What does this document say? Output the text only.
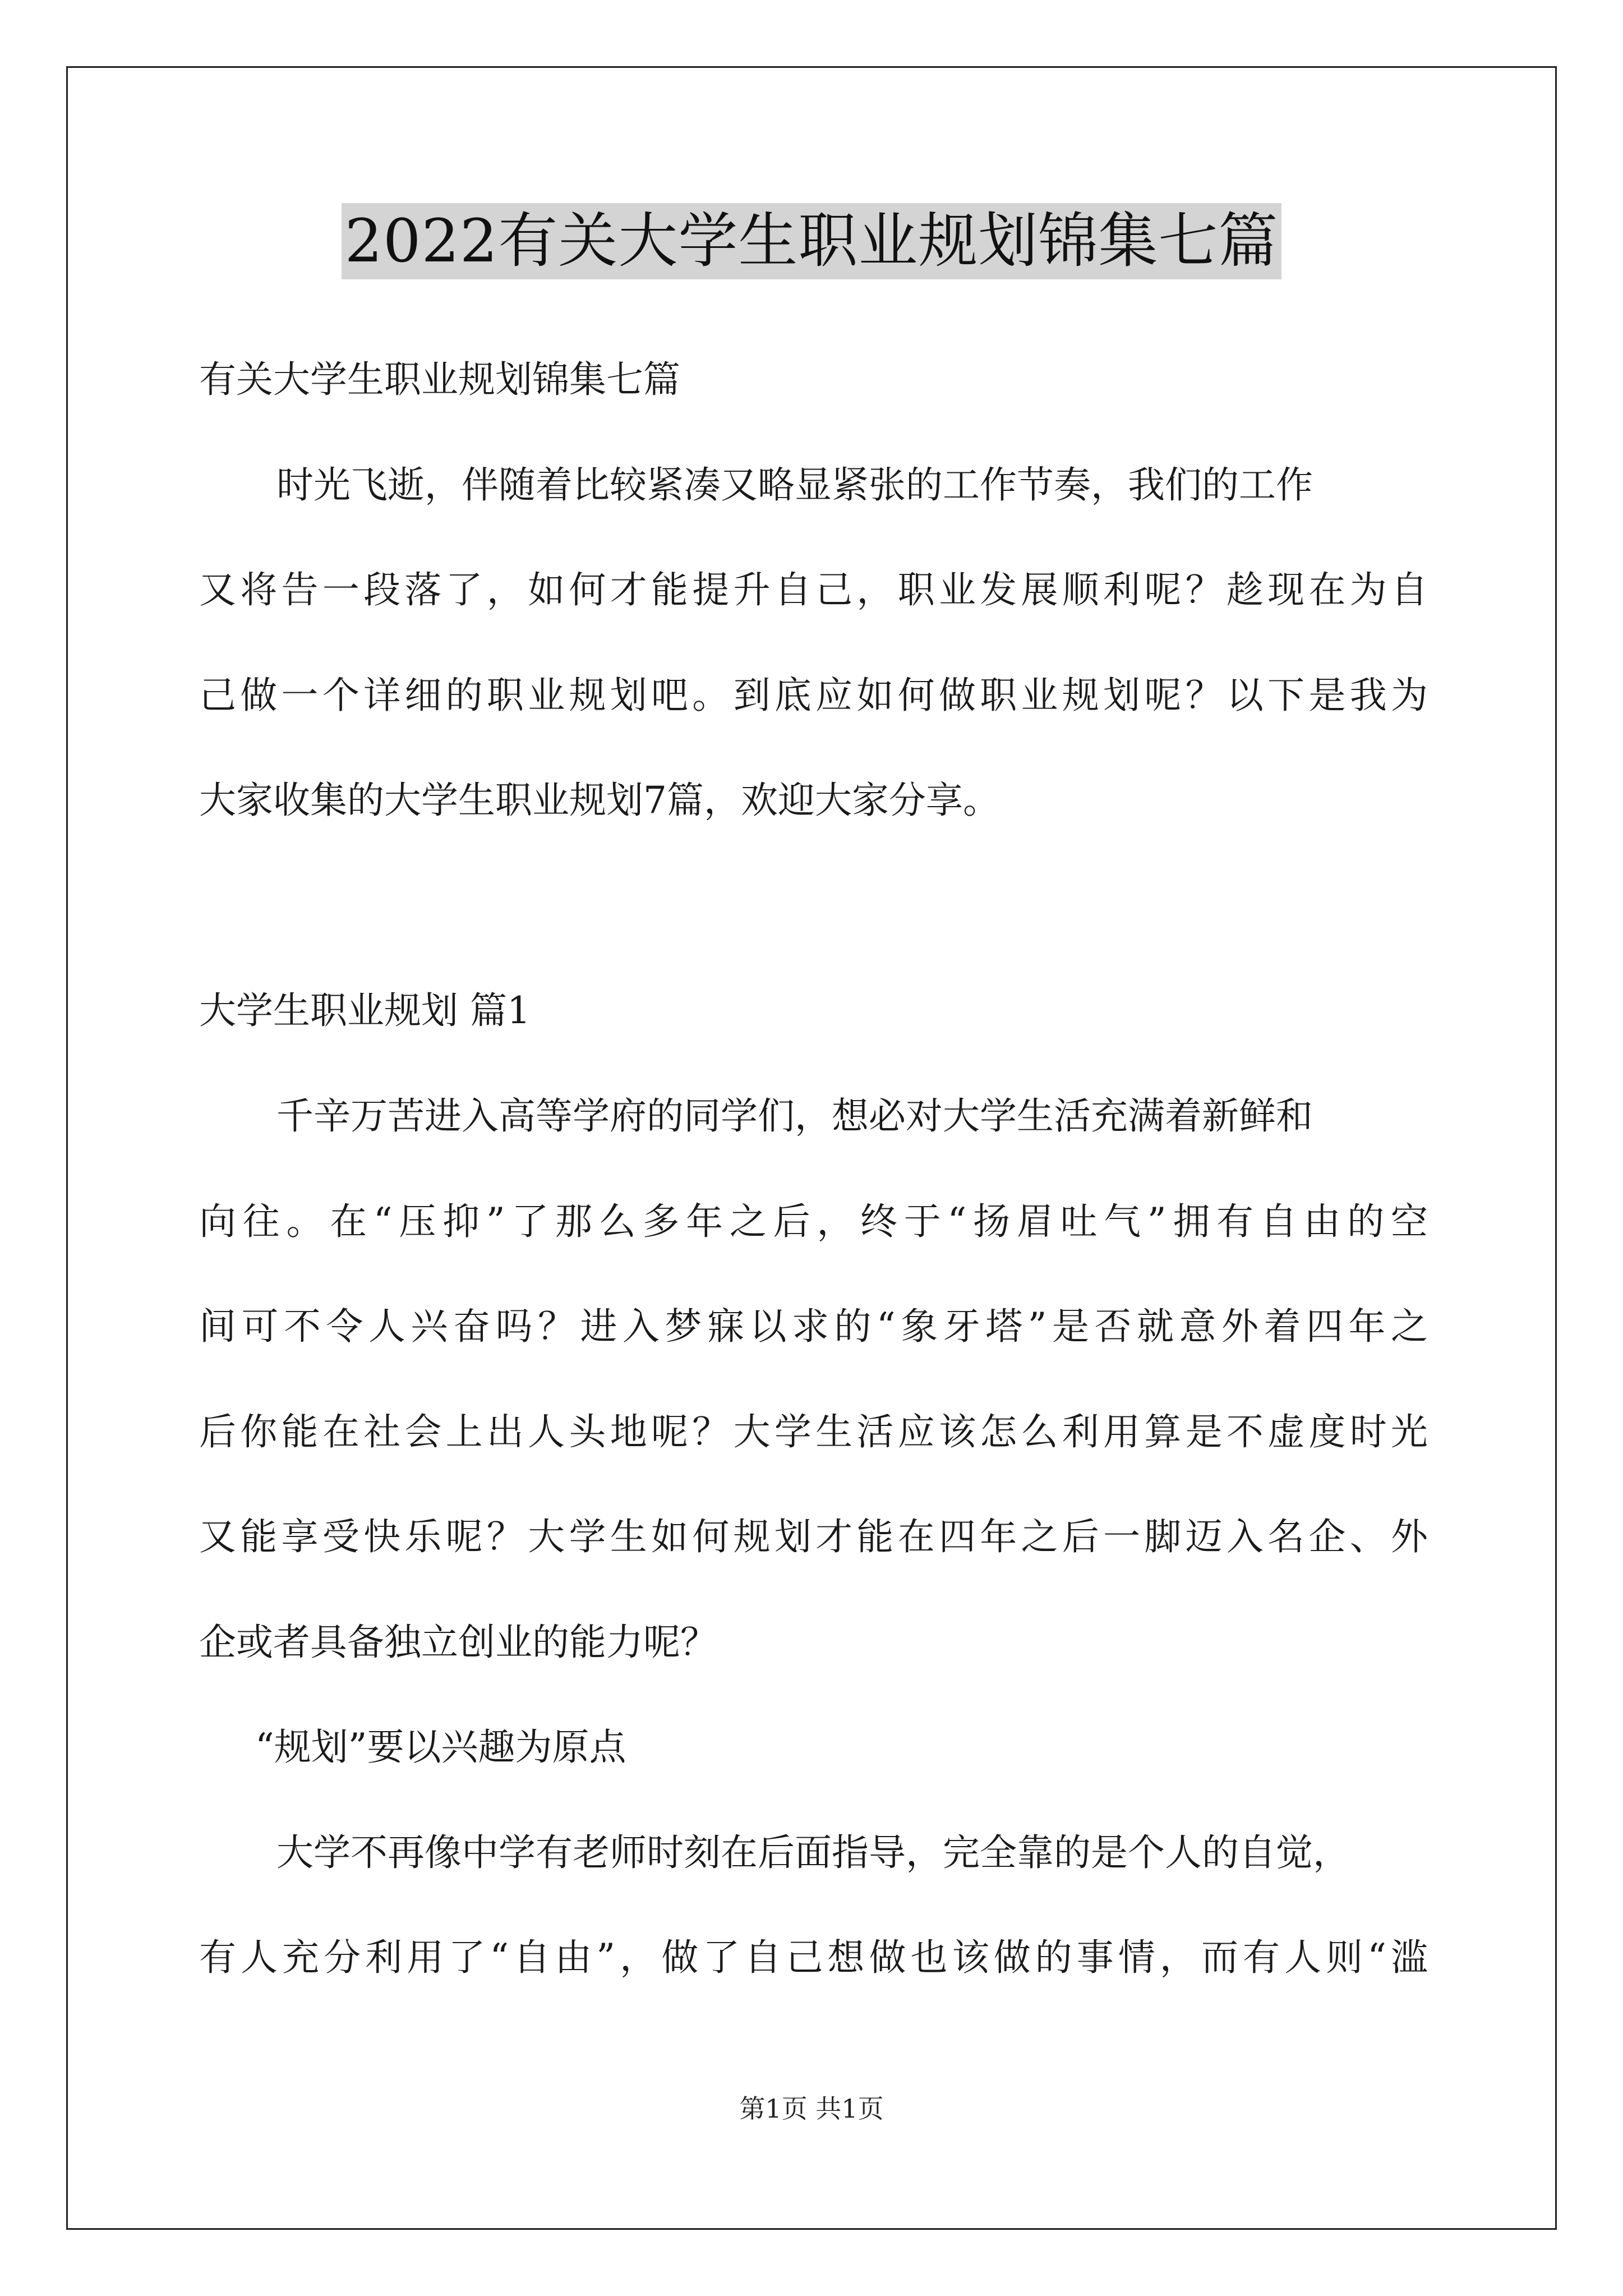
2022有关大学生职业规划锦集七篇
有关大学生职业规划锦集七篇
时光飞逝，伴随着比较紧凑又略显紧张的工作节奏，我们的工作
又将告一段落了，如何才能提升自己，职业发展顺利呢？趁现在为自
己做一个详细的职业规划吧。到底应如何做职业规划呢？以下是我为
大家收集的大学生职业规划7篇，欢迎大家分享。
大学生职业规划 篇1
千辛万苦进入高等学府的同学们，想必对大学生活充满着新鲜和
向往。在“压抑”了那么多年之后，终于“扬眉吐气”拥有自由的空
间可不令人兴奋吗？进入梦寐以求的“象牙塔”是否就意外着四年之
后你能在社会上出人头地呢？大学生活应该怎么利用算是不虚度时光
又能享受快乐呢？大学生如何规划才能在四年之后一脚迈入名企、外
企或者具备独立创业的能力呢？
“规划”要以兴趣为原点
大学不再像中学有老师时刻在后面指导，完全靠的是个人的自觉，
有人充分利用了“自由”，做了自己想做也该做的事情，而有人则“滥
第1页 共1页
